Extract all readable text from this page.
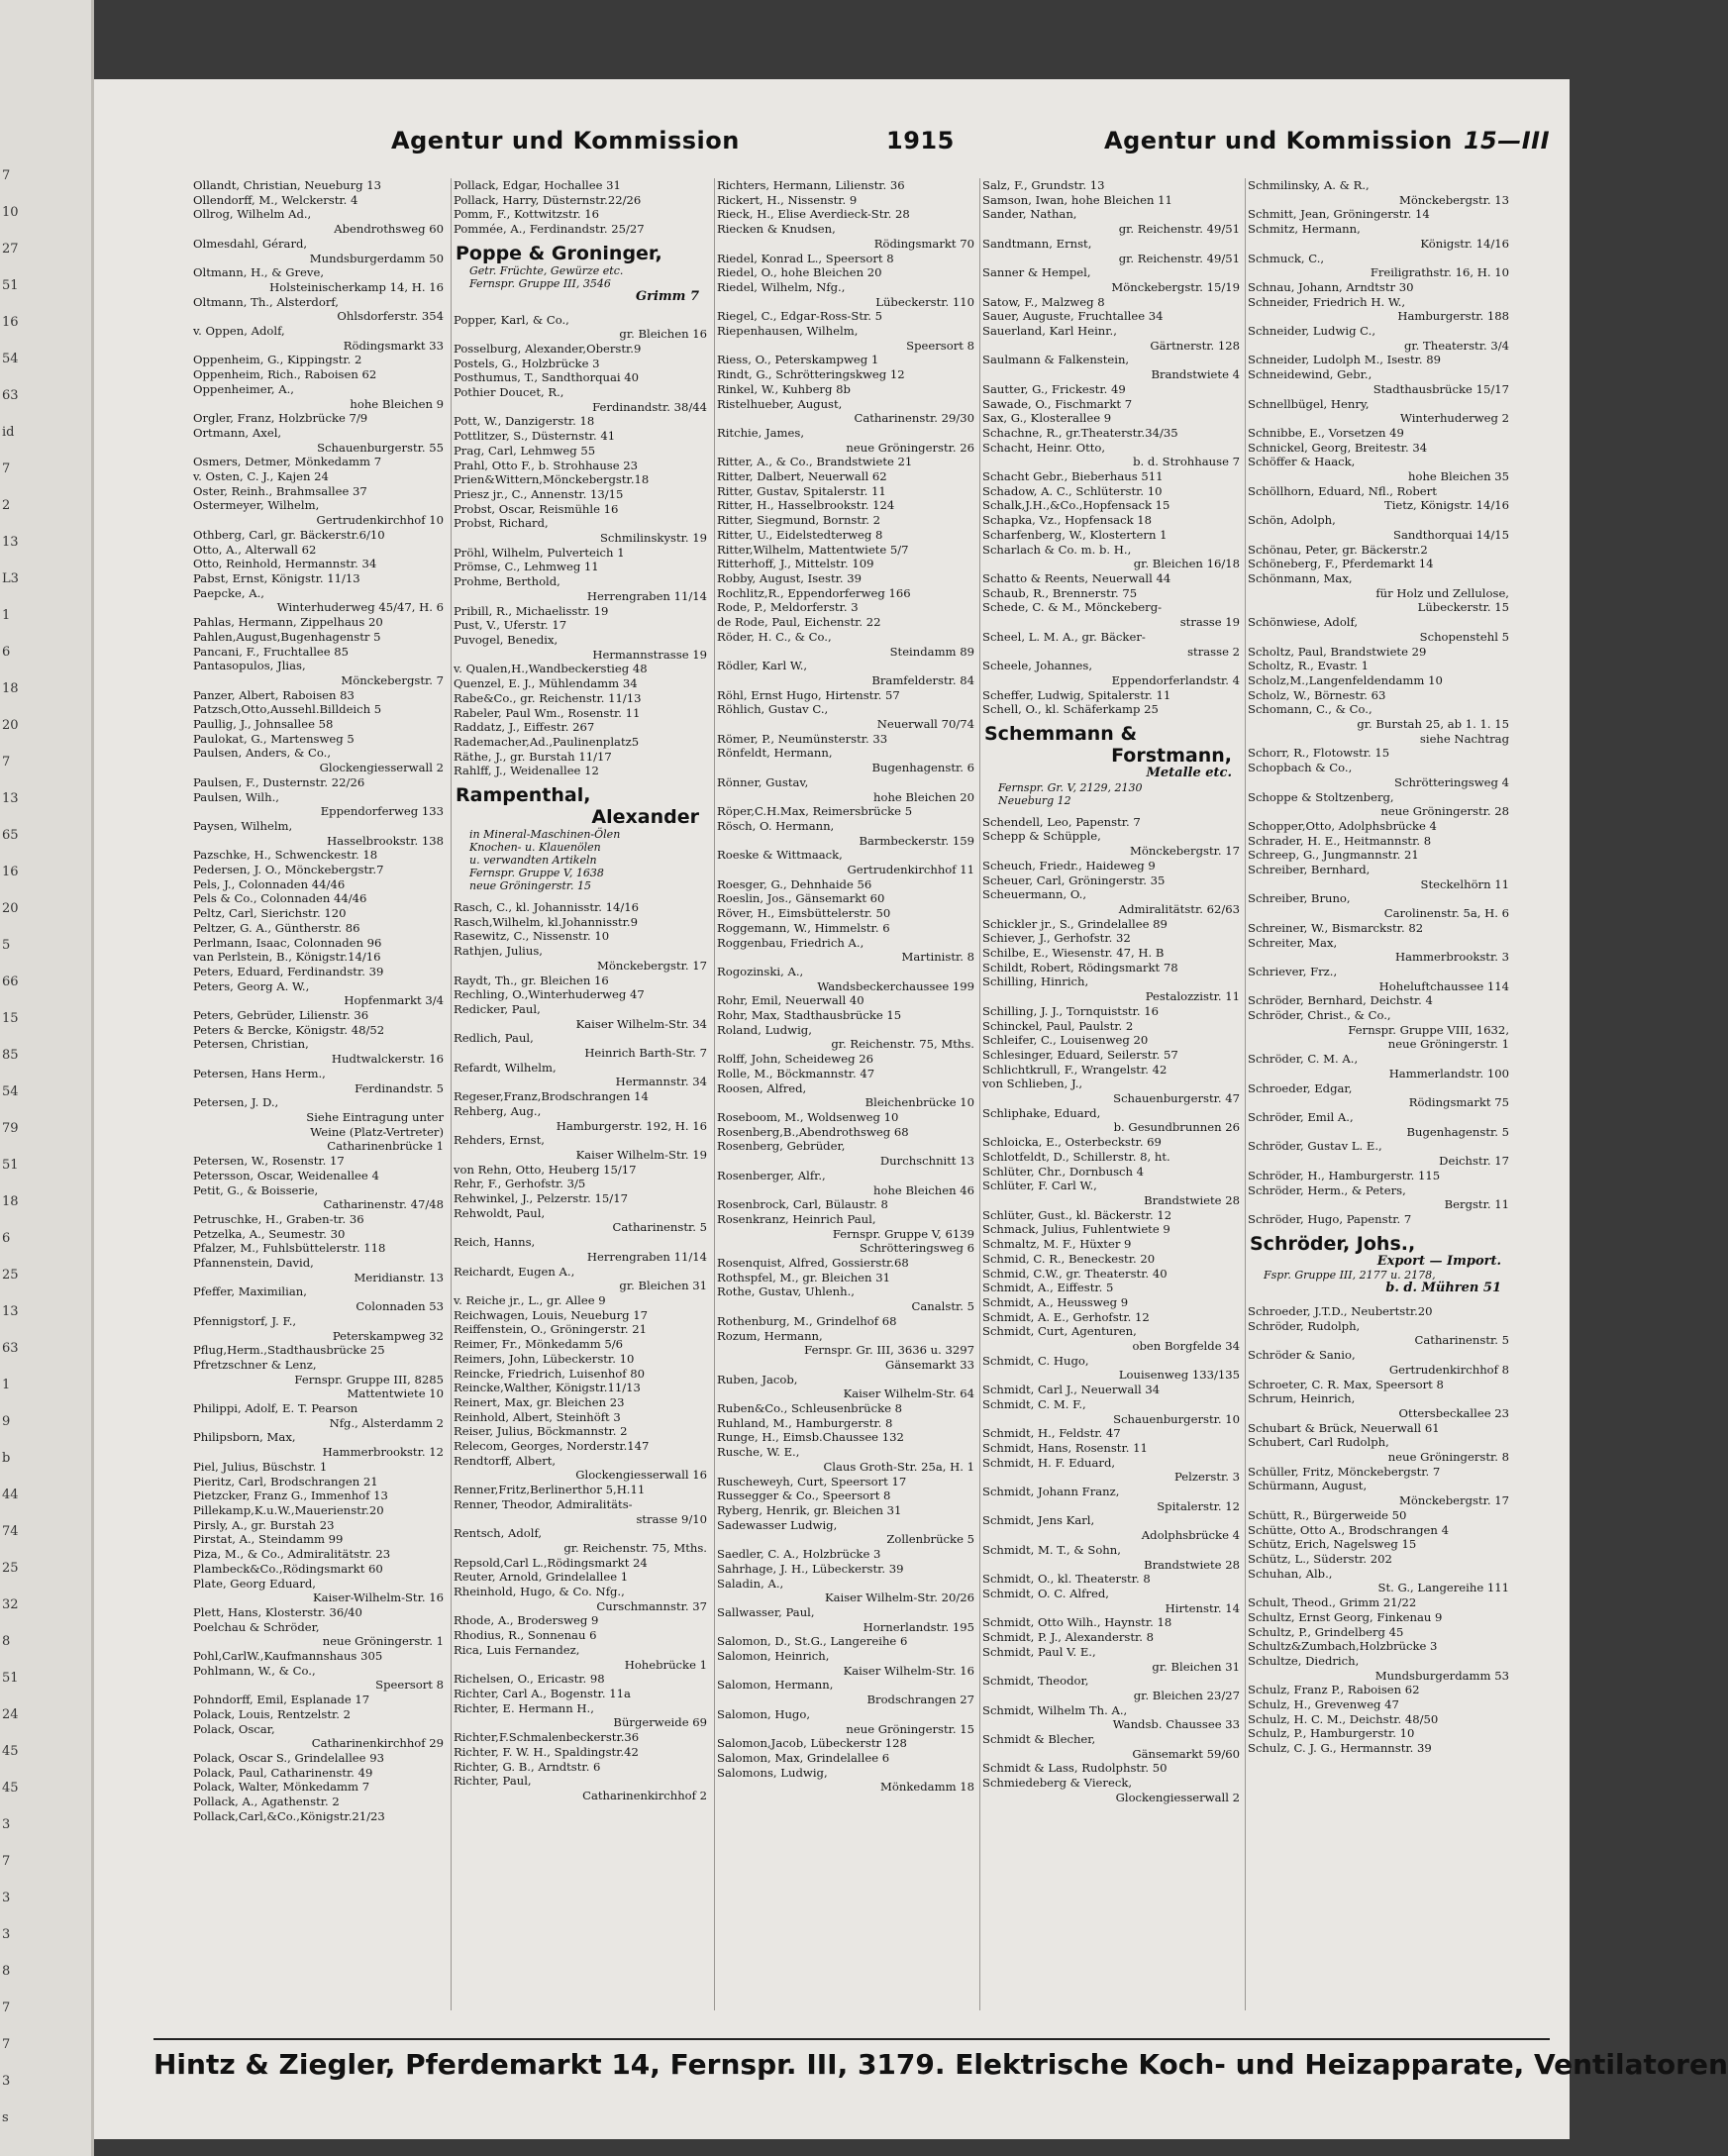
7
10
27
51
16
54
63
id
7
2
13
L3
1
6
18
20
7
13
65
16
20
5
66
15
85
54
79
51
18
6
25
13
63
1
9
b
44
74
25
32
8
51
24
45
45
3
7
3
3
8
7
7
3
s
Agentur und Kommission	1915	Agentur und Kommission 15—III
Ollandt, Christian, Neueburg 13
Ollendorff, M., Welckerstr. 4
Ollrog, Wilhelm Ad.,
Abendrothsweg 60
Olmesdahl, Gérard,
Mundsburgerdamm 50
Oltmann, H., & Greve,
Holsteinischerkamp 14, H. 16
Oltmann, Th., Alsterdorf,
Ohlsdorferstr. 354
v. Oppen, Adolf,
Rödingsmarkt 33
Oppenheim, G., Kippingstr. 2
Oppenheim, Rich., Raboisen 62
Oppenheimer, A.,
hohe Bleichen 9
Orgler, Franz, Holzbrücke 7/9
Ortmann, Axel,
Schauenburgerstr. 55
Osmers, Detmer, Mönkedamm 7
v. Osten, C. J., Kajen 24
Oster, Reinh., Brahmsallee 37
Ostermeyer, Wilhelm,
Gertrudenkirchhof 10
Othberg, Carl, gr. Bäckerstr.6/10
Otto, A., Alterwall 62
Otto, Reinhold, Hermannstr. 34
Pabst, Ernst, Königstr. 11/13
Paepcke, A.,
Winterhuderweg 45/47, H. 6
Pahlas, Hermann, Zippelhaus 20
Pahlen,August,Bugenhagenstr 5
Pancani, F., Fruchtallee 85
Pantasopulos, Jlias,
Mönckebergstr. 7
Panzer, Albert, Raboisen 83
Patzsch,Otto,Aussehl.Billdeich 5
Paullig, J., Johnsallee 58
Paulokat, G., Martensweg 5
Paulsen, Anders, & Co.,
Glockengiesserwall 2
Paulsen, F., Dusternstr. 22/26
Paulsen, Wilh.,
Eppendorferweg 133
Paysen, Wilhelm,
Hasselbrookstr. 138
Pazschke, H., Schwenckestr. 18
Pedersen, J. O., Mönckebergstr.7
Pels, J., Colonnaden 44/46
Pels & Co., Colonnaden 44/46
Peltz, Carl, Sierichstr. 120
Peltzer, G. A., Güntherstr. 86
Perlmann, Isaac, Colonnaden 96
van Perlstein, B., Königstr.14/16
Peters, Eduard, Ferdinandstr. 39
Peters, Georg A. W.,
Hopfenmarkt 3/4
Peters, Gebrüder, Lilienstr. 36
Peters & Bercke, Königstr. 48/52
Petersen, Christian,
Hudtwalckerstr. 16
Petersen, Hans Herm.,
Ferdinandstr. 5
Petersen, J. D.,
Siehe Eintragung unter
Weine (Platz-Vertreter)
Catharinenbrücke 1
Petersen, W., Rosenstr. 17
Petersson, Oscar, Weidenallee 4
Petit, G., & Boisserie,
Catharinenstr. 47/48
Petruschke, H., Graben-tr. 36
Petzelka, A., Seumestr. 30
Pfalzer, M., Fuhlsbüttelerstr. 118
Pfannenstein, David,
Meridianstr. 13
Pfeffer, Maximilian,
Colonnaden 53
Pfennigstorf, J. F.,
Peterskampweg 32
Pflug,Herm.,Stadthausbrücke 25
Pfretzschner & Lenz,
Fernspr. Gruppe III, 8285
Mattentwiete 10
Philippi, Adolf, E. T. Pearson
Nfg., Alsterdamm 2
Philipsborn, Max,
Hammerbrookstr. 12
Piel, Julius, Büschstr. 1
Pieritz, Carl, Brodschrangen 21
Pietzcker, Franz G., Immenhof 13
Pillekamp,K.u.W.,Mauerienstr.20
Pirsly, A., gr. Burstah 23
Pirstat, A., Steindamm 99
Piza, M., & Co., Admiralitätstr. 23
Plambeck&Co.,Rödingsmarkt 60
Plate, Georg Eduard,
Kaiser-Wilhelm-Str. 16
Plett, Hans, Klosterstr. 36/40
Poelchau & Schröder,
neue Gröningerstr. 1
Pohl,CarlW.,Kaufmannshaus 305
Pohlmann, W., & Co.,
Speersort 8
Pohndorff, Emil, Esplanade 17
Polack, Louis, Rentzelstr. 2
Polack, Oscar,
Catharinenkirchhof 29
Polack, Oscar S., Grindelallee 93
Polack, Paul, Catharinenstr. 49
Polack, Walter, Mönkedamm 7
Pollack, A., Agathenstr. 2
Pollack,Carl,&Co.,Königstr.21/23
Pollack, Edgar, Hochallee 31
Pollack, Harry, Düsternstr.22/26
Pomm, F., Kottwitzstr. 16
Pommée, A., Ferdinandstr. 25/27
Poppe & Groninger,
Getr. Früchte, Gewürze etc.
Fernspr. Gruppe III, 3546
Grimm 7
Popper, Karl, & Co.,
gr. Bleichen 16
Posselburg, Alexander,Oberstr.9
Postels, G., Holzbrücke 3
Posthumus, T., Sandthorquai 40
Pothier Doucet, R.,
Ferdinandstr. 38/44
Pott, W., Danzigerstr. 18
Pottlitzer, S., Düsternstr. 41
Prag, Carl, Lehmweg 55
Prahl, Otto F., b. Strohhause 23
Prien&Wittern,Mönckebergstr.18
Priesz jr., C., Annenstr. 13/15
Probst, Oscar, Reismühle 16
Probst, Richard,
Schmilinskystr. 19
Pröhl, Wilhelm, Pulverteich 1
Prömse, C., Lehmweg 11
Prohme, Berthold,
Herrengraben 11/14
Pribill, R., Michaelisstr. 19
Pust, V., Uferstr. 17
Puvogel, Benedix,
Hermannstrasse 19
v. Qualen,H.,Wandbeckerstieg 48
Quenzel, E. J., Mühlendamm 34
Rabe&Co., gr. Reichenstr. 11/13
Rabeler, Paul Wm., Rosenstr. 11
Raddatz, J., Eiffestr. 267
Rademacher,Ad.,Paulinenplatz5
Räthe, J., gr. Burstah 11/17
Rahlff, J., Weidenallee 12
Rampenthal,
Alexander
in Mineral-Maschinen-Ölen
Knochen- u. Klauenölen
u. verwandten Artikeln
Fernspr. Gruppe V, 1638
neue Gröningerstr. 15
Rasch, C., kl. Johannisstr. 14/16
Rasch,Wilhelm, kl.Johannisstr.9
Rasewitz, C., Nissenstr. 10
Rathjen, Julius,
Mönckebergstr. 17
Raydt, Th., gr. Bleichen 16
Rechling, O.,Winterhuderweg 47
Redicker, Paul,
Kaiser Wilhelm-Str. 34
Redlich, Paul,
Heinrich Barth-Str. 7
Refardt, Wilhelm,
Hermannstr. 34
Regeser,Franz,Brodschrangen 14
Rehberg, Aug.,
Hamburgerstr. 192, H. 16
Rehders, Ernst,
Kaiser Wilhelm-Str. 19
von Rehn, Otto, Heuberg 15/17
Rehr, F., Gerhofstr. 3/5
Rehwinkel, J., Pelzerstr. 15/17
Rehwoldt, Paul,
Catharinenstr. 5
Reich, Hanns,
Herrengraben 11/14
Reichardt, Eugen A.,
gr. Bleichen 31
v. Reiche jr., L., gr. Allee 9
Reichwagen, Louis, Neueburg 17
Reiffenstein, O., Gröningerstr. 21
Reimer, Fr., Mönkedamm 5/6
Reimers, John, Lübeckerstr. 10
Reincke, Friedrich, Luisenhof 80
Reincke,Walther, Königstr.11/13
Reinert, Max, gr. Bleichen 23
Reinhold, Albert, Steinhöft 3
Reiser, Julius, Böckmannstr. 2
Relecom, Georges, Norderstr.147
Rendtorff, Albert,
Glockengiesserwall 16
Renner,Fritz,Berlinerthor 5,H.11
Renner, Theodor, Admiralitäts-
strasse 9/10
Rentsch, Adolf,
gr. Reichenstr. 75, Mths.
Repsold,Carl L.,Rödingsmarkt 24
Reuter, Arnold, Grindelallee 1
Rheinhold, Hugo, & Co. Nfg.,
Curschmannstr. 37
Rhode, A., Brodersweg 9
Rhodius, R., Sonnenau 6
Rica, Luis Fernandez,
Hohebrücke 1
Richelsen, O., Ericastr. 98
Richter, Carl A., Bogenstr. 11a
Richter, E. Hermann H.,
Bürgerweide 69
Richter,F.Schmalenbeckerstr.36
Richter, F. W. H., Spaldingstr.42
Richter, G. B., Arndtstr. 6
Richter, Paul,
Catharinenkirchhof 2
Richters, Hermann, Lilienstr. 36
Rickert, H., Nissenstr. 9
Rieck, H., Elise Averdieck-Str. 28
Riecken & Knudsen,
Rödingsmarkt 70
Riedel, Konrad L., Speersort 8
Riedel, O., hohe Bleichen 20
Riedel, Wilhelm, Nfg.,
Lübeckerstr. 110
Riegel, C., Edgar-Ross-Str. 5
Riepenhausen, Wilhelm,
Speersort 8
Riess, O., Peterskampweg 1
Rindt, G., Schrötteringskweg 12
Rinkel, W., Kuhberg 8b
Ristelhueber, August,
Catharinenstr. 29/30
Ritchie, James,
neue Gröningerstr. 26
Ritter, A., & Co., Brandstwiete 21
Ritter, Dalbert, Neuerwall 62
Ritter, Gustav, Spitalerstr. 11
Ritter, H., Hasselbrookstr. 124
Ritter, Siegmund, Bornstr. 2
Ritter, U., Eidelstedterweg 8
Ritter,Wilhelm, Mattentwiete 5/7
Ritterhoff, J., Mittelstr. 109
Robby, August, Isestr. 39
Rochlitz,R., Eppendorferweg 166
Rode, P., Meldorferstr. 3
de Rode, Paul, Eichenstr. 22
Röder, H. C., & Co.,
Steindamm 89
Rödler, Karl W.,
Bramfelderstr. 84
Röhl, Ernst Hugo, Hirtenstr. 57
Röhlich, Gustav C.,
Neuerwall 70/74
Römer, P., Neumünsterstr. 33
Rönfeldt, Hermann,
Bugenhagenstr. 6
Rönner, Gustav,
hohe Bleichen 20
Röper,C.H.Max, Reimersbrücke 5
Rösch, O. Hermann,
Barmbeckerstr. 159
Roeske & Wittmaack,
Gertrudenkirchhof 11
Roesger, G., Dehnhaide 56
Roeslin, Jos., Gänsemarkt 60
Röver, H., Eimsbüttelerstr. 50
Roggemann, W., Himmelstr. 6
Roggenbau, Friedrich A.,
Martinistr. 8
Rogozinski, A.,
Wandsbeckerchaussee 199
Rohr, Emil, Neuerwall 40
Rohr, Max, Stadthausbrücke 15
Roland, Ludwig,
gr. Reichenstr. 75, Mths.
Rolff, John, Scheideweg 26
Rolle, M., Böckmannstr. 47
Roosen, Alfred,
Bleichenbrücke 10
Roseboom, M., Woldsenweg 10
Rosenberg,B.,Abendrothsweg 68
Rosenberg, Gebrüder,
Durchschnitt 13
Rosenberger, Alfr.,
hohe Bleichen 46
Rosenbrock, Carl, Bülaustr. 8
Rosenkranz, Heinrich Paul,
Fernspr. Gruppe V, 6139
Schrötteringsweg 6
Rosenquist, Alfred, Gossierstr.68
Rothspfel, M., gr. Bleichen 31
Rothe, Gustav, Uhlenh.,
Canalstr. 5
Rothenburg, M., Grindelhof 68
Rozum, Hermann,
Fernspr. Gr. III, 3636 u. 3297
Gänsemarkt 33
Ruben, Jacob,
Kaiser Wilhelm-Str. 64
Ruben&Co., Schleusenbrücke 8
Ruhland, M., Hamburgerstr. 8
Runge, H., Eimsb.Chaussee 132
Rusche, W. E.,
Claus Groth-Str. 25a, H. 1
Ruscheweyh, Curt, Speersort 17
Russegger & Co., Speersort 8
Ryberg, Henrik, gr. Bleichen 31
Sadewasser Ludwig,
Zollenbrücke 5
Saedler, C. A., Holzbrücke 3
Sahrhage, J. H., Lübeckerstr. 39
Saladin, A.,
Kaiser Wilhelm-Str. 20/26
Sallwasser, Paul,
Hornerlandstr. 195
Salomon, D., St.G., Langereihe 6
Salomon, Heinrich,
Kaiser Wilhelm-Str. 16
Salomon, Hermann,
Brodschrangen 27
Salomon, Hugo,
neue Gröningerstr. 15
Salomon,Jacob, Lübeckerstr 128
Salomon, Max, Grindelallee 6
Salomons, Ludwig,
Mönkedamm 18
Salz, F., Grundstr. 13
Samson, Iwan, hohe Bleichen 11
Sander, Nathan,
gr. Reichenstr. 49/51
Sandtmann, Ernst,
gr. Reichenstr. 49/51
Sanner & Hempel,
Mönckebergstr. 15/19
Satow, F., Malzweg 8
Sauer, Auguste, Fruchtallee 34
Sauerland, Karl Heinr.,
Gärtnerstr. 128
Saulmann & Falkenstein,
Brandstwiete 4
Sautter, G., Frickestr. 49
Sawade, O., Fischmarkt 7
Sax, G., Klosterallee 9
Schachne, R., gr.Theaterstr.34/35
Schacht, Heinr. Otto,
b. d. Strohhause 7
Schacht Gebr., Bieberhaus 511
Schadow, A. C., Schlüterstr. 10
Schalk,J.H.,&Co.,Hopfensack 15
Schapka, Vz., Hopfensack 18
Scharfenberg, W., Klostertern 1
Scharlach & Co. m. b. H.,
gr. Bleichen 16/18
Schatto & Reents, Neuerwall 44
Schaub, R., Brennerstr. 75
Schede, C. & M., Mönckeberg-
strasse 19
Scheel, L. M. A., gr. Bäcker-
strasse 2
Scheele, Johannes,
Eppendorferlandstr. 4
Scheffer, Ludwig, Spitalerstr. 11
Schell, O., kl. Schäferkamp 25
Schemmann &
Forstmann,
Metalle etc.
Fernspr. Gr. V, 2129, 2130
Neueburg 12
Schendell, Leo, Papenstr. 7
Schepp & Schüpple,
Mönckebergstr. 17
Scheuch, Friedr., Haideweg 9
Scheuer, Carl, Gröningerstr. 35
Scheuermann, O.,
Admiralitätstr. 62/63
Schickler jr., S., Grindelallee 89
Schiever, J., Gerhofstr. 32
Schilbe, E., Wiesenstr. 47, H. B
Schildt, Robert, Rödingsmarkt 78
Schilling, Hinrich,
Pestalozzistr. 11
Schilling, J. J., Tornquiststr. 16
Schinckel, Paul, Paulstr. 2
Schleifer, C., Louisenweg 20
Schlesinger, Eduard, Seilerstr. 57
Schlichtkrull, F., Wrangelstr. 42
von Schlieben, J.,
Schauenburgerstr. 47
Schliphake, Eduard,
b. Gesundbrunnen 26
Schloicka, E., Osterbeckstr. 69
Schlotfeldt, D., Schillerstr. 8, ht.
Schlüter, Chr., Dornbusch 4
Schlüter, F. Carl W.,
Brandstwiete 28
Schlüter, Gust., kl. Bäckerstr. 12
Schmack, Julius, Fuhlentwiete 9
Schmaltz, M. F., Hüxter 9
Schmid, C. R., Beneckestr. 20
Schmid, C.W., gr. Theaterstr. 40
Schmidt, A., Eiffestr. 5
Schmidt, A., Heussweg 9
Schmidt, A. E., Gerhofstr. 12
Schmidt, Curt, Agenturen,
oben Borgfelde 34
Schmidt, C. Hugo,
Louisenweg 133/135
Schmidt, Carl J., Neuerwall 34
Schmidt, C. M. F.,
Schauenburgerstr. 10
Schmidt, H., Feldstr. 47
Schmidt, Hans, Rosenstr. 11
Schmidt, H. F. Eduard,
Pelzerstr. 3
Schmidt, Johann Franz,
Spitalerstr. 12
Schmidt, Jens Karl,
Adolphsbrücke 4
Schmidt, M. T., & Sohn,
Brandstwiete 28
Schmidt, O., kl. Theaterstr. 8
Schmidt, O. C. Alfred,
Hirtenstr. 14
Schmidt, Otto Wilh., Haynstr. 18
Schmidt, P. J., Alexanderstr. 8
Schmidt, Paul V. E.,
gr. Bleichen 31
Schmidt, Theodor,
gr. Bleichen 23/27
Schmidt, Wilhelm Th. A.,
Wandsb. Chaussee 33
Schmidt & Blecher,
Gänsemarkt 59/60
Schmidt & Lass, Rudolphstr. 50
Schmiedeberg & Viereck,
Glockengiesserwall 2
Schmilinsky, A. & R.,
Mönckebergstr. 13
Schmitt, Jean, Gröningerstr. 14
Schmitz, Hermann,
Königstr. 14/16
Schmuck, C.,
Freiligrathstr. 16, H. 10
Schnau, Johann, Arndtstr 30
Schneider, Friedrich H. W.,
Hamburgerstr. 188
Schneider, Ludwig C.,
gr. Theaterstr. 3/4
Schneider, Ludolph M., Isestr. 89
Schneidewind, Gebr.,
Stadthausbrücke 15/17
Schnellbügel, Henry,
Winterhuderweg 2
Schnibbe, E., Vorsetzen 49
Schnickel, Georg, Breitestr. 34
Schöffer & Haack,
hohe Bleichen 35
Schöllhorn, Eduard, Nfl., Robert
Tietz, Königstr. 14/16
Schön, Adolph,
Sandthorquai 14/15
Schönau, Peter, gr. Bäckerstr.2
Schöneberg, F., Pferdemarkt 14
Schönmann, Max,
für Holz und Zellulose,
Lübeckerstr. 15
Schönwiese, Adolf,
Schopenstehl 5
Scholtz, Paul, Brandstwiete 29
Scholtz, R., Evastr. 1
Scholz,M.,Langenfeldendamm 10
Scholz, W., Börnestr. 63
Schomann, C., & Co.,
gr. Burstah 25, ab 1. 1. 15
siehe Nachtrag
Schorr, R., Flotowstr. 15
Schopbach & Co.,
Schrötteringsweg 4
Schoppe & Stoltzenberg,
neue Gröningerstr. 28
Schopper,Otto, Adolphsbrücke 4
Schrader, H. E., Heitmannstr. 8
Schreep, G., Jungmannstr. 21
Schreiber, Bernhard,
Steckelhörn 11
Schreiber, Bruno,
Carolinenstr. 5a, H. 6
Schreiner, W., Bismarckstr. 82
Schreiter, Max,
Hammerbrookstr. 3
Schriever, Frz.,
Hoheluftchaussee 114
Schröder, Bernhard, Deichstr. 4
Schröder, Christ., & Co.,
Fernspr. Gruppe VIII, 1632,
neue Gröningerstr. 1
Schröder, C. M. A.,
Hammerlandstr. 100
Schroeder, Edgar,
Rödingsmarkt 75
Schröder, Emil A.,
Bugenhagenstr. 5
Schröder, Gustav L. E.,
Deichstr. 17
Schröder, H., Hamburgerstr. 115
Schröder, Herm., & Peters,
Bergstr. 11
Schröder, Hugo, Papenstr. 7
Schröder, Johs.,
Export — Import.
Fspr. Gruppe III, 2177 u. 2178,
b. d. Mühren 51
Schroeder, J.T.D., Neubertstr.20
Schröder, Rudolph,
Catharinenstr. 5
Schröder & Sanio,
Gertrudenkirchhof 8
Schroeter, C. R. Max, Speersort 8
Schrum, Heinrich,
Ottersbeckallee 23
Schubart & Brück, Neuerwall 61
Schubert, Carl Rudolph,
neue Gröningerstr. 8
Schüller, Fritz, Mönckebergstr. 7
Schürmann, August,
Mönckebergstr. 17
Schütt, R., Bürgerweide 50
Schütte, Otto A., Brodschrangen 4
Schütz, Erich, Nagelsweg 15
Schütz, L., Süderstr. 202
Schuhan, Alb.,
St. G., Langereihe 111
Schult, Theod., Grimm 21/22
Schultz, Ernst Georg, Finkenau 9
Schultz, P., Grindelberg 45
Schultz&Zumbach,Holzbrücke 3
Schultze, Diedrich,
Mundsburgerdamm 53
Schulz, Franz P., Raboisen 62
Schulz, H., Grevenweg 47
Schulz, H. C. M., Deichstr. 48/50
Schulz, P., Hamburgerstr. 10
Schulz, C. J. G., Hermannstr. 39
Hintz & Ziegler, Pferdemarkt 14, Fernspr. III, 3179. Elektrische Koch- und Heizapparate, Ventilatoren
